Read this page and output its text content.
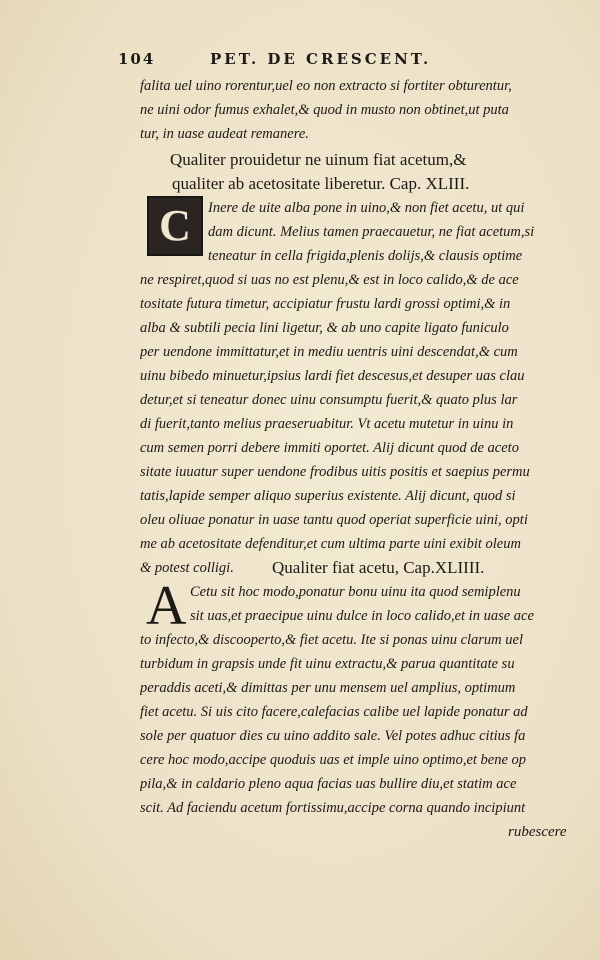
104	PET. DE CRESCENT.
falita uel uino rorentur,uel eo non extracto si fortiter obturentur,
ne uini odor fumus exhalet,& quod in musto non obtinet,ut puta
tur, in uase audeat remanere.
Qualiter prouidetur ne uinum fiat acetum,&
qualiter ab acetositate liberetur. Cap. XLIII.
C	Inere de uite alba pone in uino,& non fiet acetu, ut qui
dam dicunt. Melius tamen praecauetur, ne fiat acetum,si
teneatur in cella frigida,plenis dolijs,& clausis optime
ne respiret,quod si uas no est plenu,& est in loco calido,& de ace
tositate futura timetur, accipiatur frustu lardi grossi optimi,& in
alba & subtili pecia lini ligetur, & ab uno capite ligato funiculo
per uendone immittatur,et in mediu uentris uini descendat,& cum
uinu bibedo minuetur,ipsius lardi fiet descesus,et desuper uas clau
detur,et si teneatur donec uinu consumptu fuerit,& quato plus lar
di fuerit,tanto melius praeseruabitur. Vt acetu mutetur in uinu in
cum semen porri debere immiti oportet. Alij dicunt quod de aceto
sitate iuuatur super uendone frodibus uitis positis et saepius permu
tatis,lapide semper aliquo superius existente. Alij dicunt, quod si
oleu oliuae ponatur in uase tantu quod operiat superficie uini, opti
me ab acetositate defenditur,et cum ultima parte uini exibit oleum
& potest colligi.	Qualiter fiat acetu, Cap.XLIIII.
A Cetu sit hoc modo,ponatur bonu uinu ita quod semiplenu
sit uas,et praecipue uinu dulce in loco calido,et in uase ace
to infecto,& discooperto,& fiet acetu. Ite si ponas uinu clarum uel
turbidum in grapsis unde fit uinu extractu,& parua quantitate su
peraddis aceti,& dimittas per unu mensem uel amplius, optimum
fiet acetu. Si uis cito facere,calefacias calibe uel lapide ponatur ad
sole per quatuor dies cu uino addito sale. Vel potes adhuc citius fa
cere hoc modo,accipe quoduis uas et imple uino optimo,et bene op
pila,& in caldario pleno aqua facias uas bullire diu,et statim ace
scit. Ad faciendu acetum fortissimu,accipe corna quando incipiunt
rubescere
